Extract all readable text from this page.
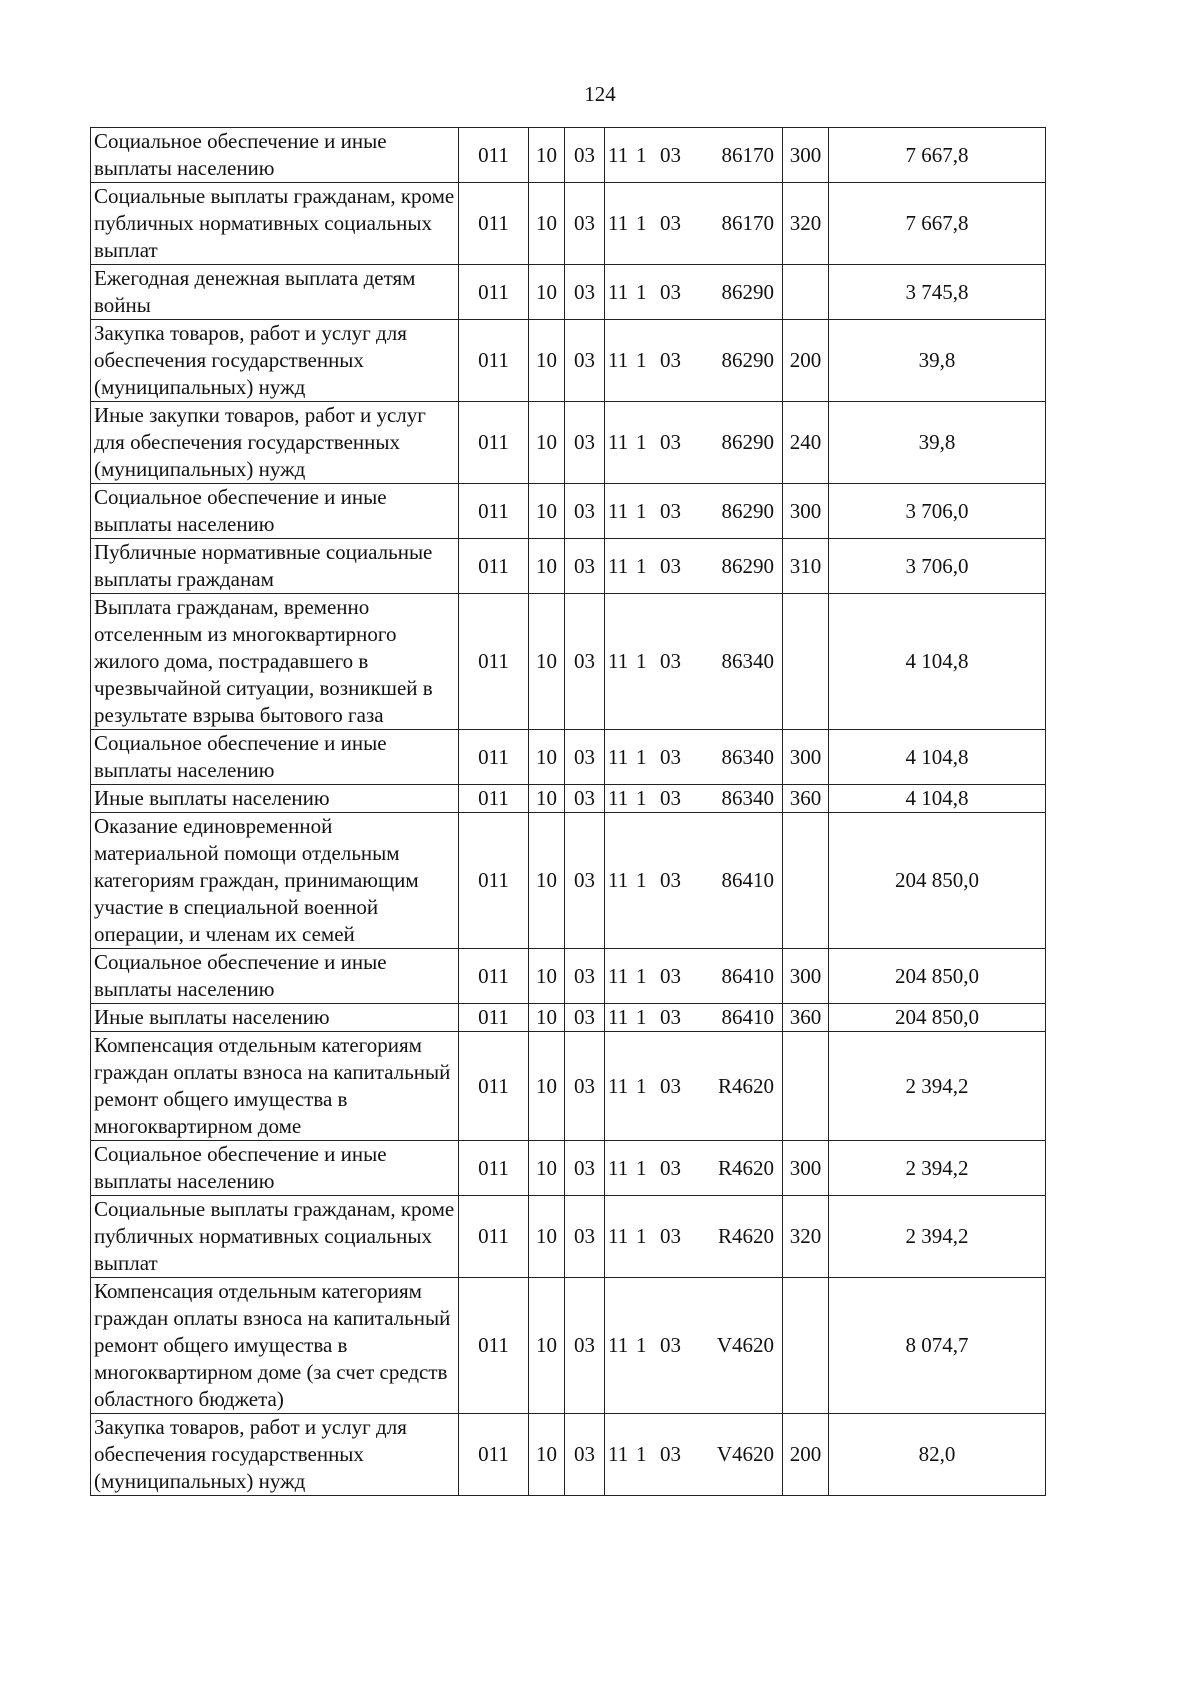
124
Социальное обеспечение и иные выплаты населению	011	10	03	11 1 03 86170	300	7 667,8
Социальные выплаты гражданам, кроме публичных нормативных социальных выплат	011	10	03	11 1 03 86170	320	7 667,8
Ежегодная денежная выплата детям войны	011	10	03	11 1 03 86290		3 745,8
Закупка товаров, работ и услуг для обеспечения государственных (муниципальных) нужд	011	10	03	11 1 03 86290	200	39,8
Иные закупки товаров, работ и услуг для обеспечения государственных (муниципальных) нужд	011	10	03	11 1 03 86290	240	39,8
Социальное обеспечение и иные выплаты населению	011	10	03	11 1 03 86290	300	3 706,0
Публичные нормативные социальные выплаты гражданам	011	10	03	11 1 03 86290	310	3 706,0
Выплата гражданам, временно отселенным из многоквартирного жилого дома, пострадавшего в чрезвычайной ситуации, возникшей в результате взрыва бытового газа	011	10	03	11 1 03 86340		4 104,8
Социальное обеспечение и иные выплаты населению	011	10	03	11 1 03 86340	300	4 104,8
Иные выплаты населению	011	10	03	11 1 03 86340	360	4 104,8
Оказание единовременной материальной помощи отдельным категориям граждан, принимающим участие в специальной военной операции, и членам их семей	011	10	03	11 1 03 86410		204 850,0
Социальное обеспечение и иные выплаты населению	011	10	03	11 1 03 86410	300	204 850,0
Иные выплаты населению	011	10	03	11 1 03 86410	360	204 850,0
Компенсация отдельным категориям граждан оплаты взноса на капитальный ремонт общего имущества в многоквартирном доме	011	10	03	11 1 03 R4620		2 394,2
Социальное обеспечение и иные выплаты населению	011	10	03	11 1 03 R4620	300	2 394,2
Социальные выплаты гражданам, кроме публичных нормативных социальных выплат	011	10	03	11 1 03 R4620	320	2 394,2
Компенсация отдельным категориям граждан оплаты взноса на капитальный ремонт общего имущества в многоквартирном доме (за счет средств областного бюджета)	011	10	03	11 1 03 V4620		8 074,7
Закупка товаров, работ и услуг для обеспечения государственных (муниципальных) нужд	011	10	03	11 1 03 V4620	200	82,0
